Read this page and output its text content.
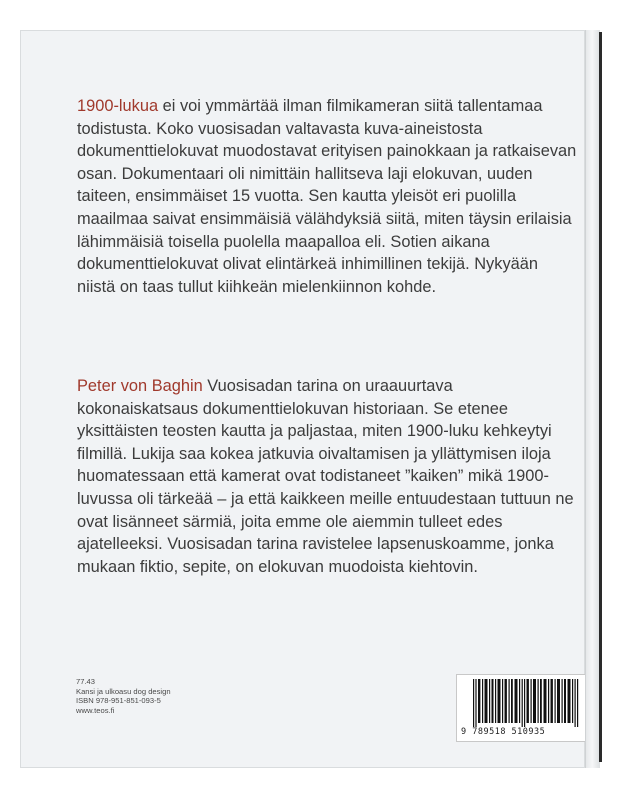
1900-lukua ei voi ymmärtää ilman filmikameran siitä tallentamaa todistusta. Koko vuosisadan valtavasta kuva-aineistosta dokumenttielokuvat muodostavat erityisen painokkaan ja ratkaisevan osan. Dokumentaari oli nimittäin hallitseva laji elokuvan, uuden taiteen, ensimmäiset 15 vuotta. Sen kautta yleisöt eri puolilla maailmaa saivat ensimmäisiä välähdyksiä siitä, miten täysin erilaisia lähimmäisiä toisella puolella maapalloa eli. Sotien aikana dokumenttielokuvat olivat elintärkeä inhimillinen tekijä. Nykyään niistä on taas tullut kiihkeän mielenkiinnon kohde.

Peter von Baghin Vuosisadan tarina on uraauurtava kokonaiskatsaus dokumenttielokuvan historiaan. Se etenee yksittäisten teosten kautta ja paljastaa, miten 1900-luku kehkeytyi filmillä. Lukija saa kokea jatkuvia oivaltamisen ja yllättymisen iloja huomatessaan että kamerat ovat todistaneet ”kaiken” mikä 1900-luvussa oli tärkeää – ja että kaikkeen meille entuudestaan tuttuun ne ovat lisänneet särmiä, joita emme ole aiemmin tulleet edes ajatelleeksi. Vuosisadan tarina ravistelee lapsenuskoamme, jonka mukaan fiktio, sepite, on elokuvan muodoista kiehtovin.

77.43
Kansi ja ulkoasu dog design
ISBN 978-951-851-093-5
www.teos.fi
9 789518 510935
